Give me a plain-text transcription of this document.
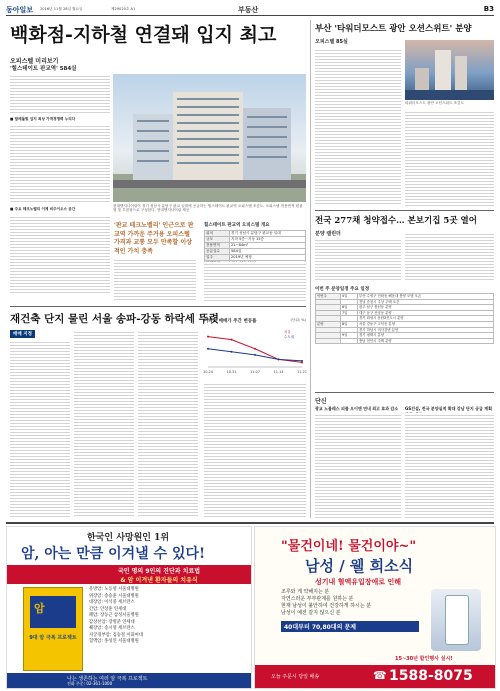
동아일보 2016년 11월 28일 월요일	제29020호 A1	부동산	B3
백화점-지하철 연결돼 입지 최고
오피스텔 미리보기
'힐스테이트 판교역' 584실
■ 말레돌빛 입지 최상 가격경쟁력 누리다
■ 주요 테크노밸리 이제 비주이오스 공간
현대엔지니어링이 경기 성남시 분당구 판교 일대에 공급하는 힐스테이트 판교역 오피스텔 조감도. 오피스텔 전용면적 원룸형 및 투룸형으로 구성된다. 현대엔지니어링 제공
'판교 테크노밸리' 인근으로 판교역 가까운 주거용 오피스텔 가격과 교통 모두 만족할 이상적인 가치 충족
힐스테이트 판교역 오피스텔 개요
위치	경기 성남시 분당구 판교동 일대
규모	지하 5층~지상 15층
전용면적	21~84m²
공급실수	584실
입주	2019년 예정

재건축 단지 물린 서울 송파-강동 하락세 뚜렷
매매 지정
아파트 매매가 주간 변동률	(단위: %)
10.24	10.31	11.07	11.14	11.21
서울
수도권
부산 '타워더모스트 광안 오션스위트' 분양
오피스텔 85실
타워더모스트 광안 오션스위트 조감도
전국 277채 청약접수… 본보기집 5곳 열어
분양 캘린더
이번 주 분양일정 주요 일정
이번주	5일	부산 수영구 민락동 해운대 봉양 모델 오픈
		전남 순천시 주상 주택 오픈
	6일	광주 남구 봉선동 분양
	7일	대구 동구 신암동 분양
		경기 화성시 동탄2신도시 분양
분양	8일	서울 강동구 고덕동 분양
		경기 하남시 미사강변 분양
	9일	경기 평택시 분양
		충남 천안시 주택 분양
단신
광교 노블레스 피플 오이앤 연내 최고 효과 감소	GS건설, 전국 분양실적 확대 강남 단지 공급 계획
한국인 사망원인 1위
암, 아는 만큼 이겨낼 수 있다!
국민 명의 9인의 진단과 치료법
& 암 이겨낸 환자들의 치유식
암
9대 암 극복 프로젝트
유방암: 노동영 서울대병원
위장암: 송승훈 서울대병원
대장암: 이석중 세브란스
간암: 안상훈 연세대
폐암: 장동근 삼성서울병원
갑상선암: 장병준 연세대
췌장암: 송시영 세브란스
자궁경부암: 김승철 이화여대
혈액암: 홍성연 서울대병원
나는 생존하는 여러 암 극복 프로젝트
전화 주문: 02-361-1000
"물건이네! 물건이야~"
남성 / 웰 희소식
성기내 혈액유입장애로 인해
조루와 게 약해지는 분
자연스러운 부부관계를 원하는 분
현재 남성이 불안하여 건강하게 하시는 분
남성이 예전 같지 않으신 분
40대부터 70,80대의 문제
15~30년 할인행사 실시!
☎ 1588-8075
오늘 주문시 당일 배송
